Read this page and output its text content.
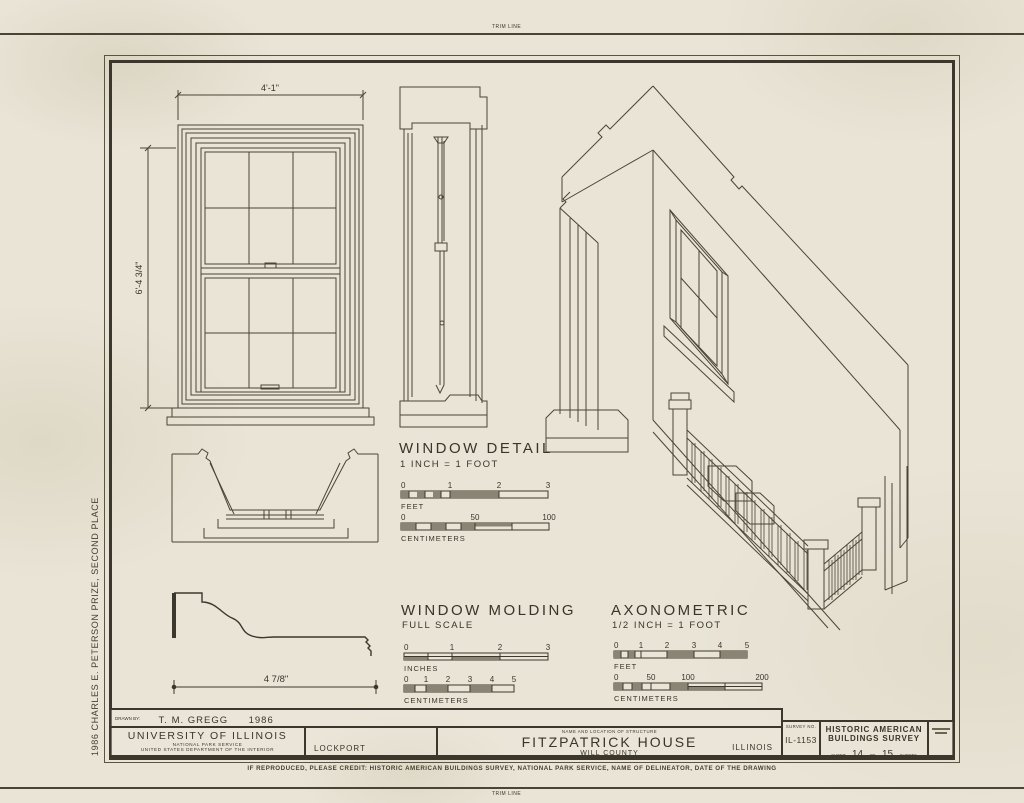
TRIM LINE
1986 CHARLES E. PETERSON PRIZE, SECOND PLACE
4'-1"
6'-4 3/4"
4 7/8"
WINDOW DETAIL
1 INCH = 1 FOOT
WINDOW MOLDING
FULL SCALE
AXONOMETRIC
1/2 INCH = 1 FOOT
0	1	2	3
FEET
0	50	100
CENTIMETERS
0	1	2	3
INCHES
0 1 2 3 4 5
CENTIMETERS
0	1	2	3	4	5
FEET
0	50	100	200
CENTIMETERS
DRAWN BY: T. M. GREGG 1986
UNIVERSITY OF ILLINOIS
NATIONAL PARK SERVICE
UNITED STATES DEPARTMENT OF THE INTERIOR	LOCKPORT
NAME AND LOCATION OF STRUCTURE
FITZPATRICK HOUSE
WILL COUNTY
ILLINOIS
SURVEY NO.
IL-1153
HISTORIC AMERICAN
BUILDINGS SURVEY
SHEET 14 OF 15 SHEETS
IF REPRODUCED, PLEASE CREDIT: HISTORIC AMERICAN BUILDINGS SURVEY, NATIONAL PARK SERVICE, NAME OF DELINEATOR, DATE OF THE DRAWING
TRIM LINE
